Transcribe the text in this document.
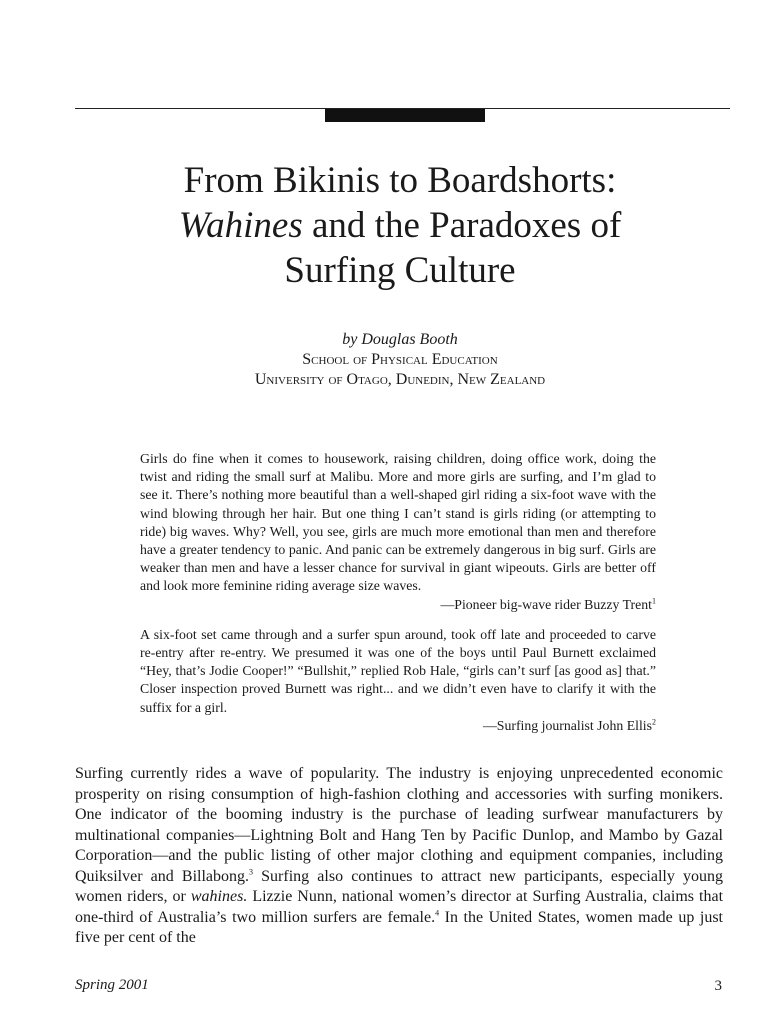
From Bikinis to Boardshorts:
Wahines and the Paradoxes of
Surfing Culture
by Douglas Booth
School of Physical Education
University of Otago, Dunedin, New Zealand

Girls do fine when it comes to housework, raising children, doing office work, doing the twist and riding the small surf at Malibu. More and more girls are surfing, and I’m glad to see it. There’s nothing more beautiful than a well-shaped girl riding a six-foot wave with the wind blowing through her hair. But one thing I can’t stand is girls riding (or attempting to ride) big waves. Why? Well, you see, girls are much more emotional than men and therefore have a greater tendency to panic. And panic can be extremely dangerous in big surf. Girls are weaker than men and have a lesser chance for survival in giant wipeouts. Girls are better off and look more feminine riding average size waves.

—Pioneer big-wave rider Buzzy Trent$^1$

A six-foot set came through and a surfer spun around, took off late and proceeded to carve re-entry after re-entry. We presumed it was one of the boys until Paul Burnett exclaimed “Hey, that’s Jodie Cooper!” “Bullshit,” replied Rob Hale, “girls can’t surf [as good as] that.” Closer inspection proved Burnett was right... and we didn’t even have to clarify it with the suffix for a girl.

—Surfing journalist John Ellis$^2$

Surfing currently rides a wave of popularity. The industry is enjoying unprecedented economic prosperity on rising consumption of high-fashion clothing and accessories with surfing monikers. One indicator of the booming industry is the purchase of leading surfwear manufacturers by multinational companies—Lightning Bolt and Hang Ten by Pacific Dunlop, and Mambo by Gazal Corporation—and the public listing of other major clothing and equipment companies, including Quiksilver and Billabong.$^3$ Surfing also continues to attract new participants, especially young women riders, or wahines. Lizzie Nunn, national women’s director at Surfing Australia, claims that one-third of Australia’s two million surfers are female.$^4$ In the United States, women made up just five per cent of the

Spring 2001	3
